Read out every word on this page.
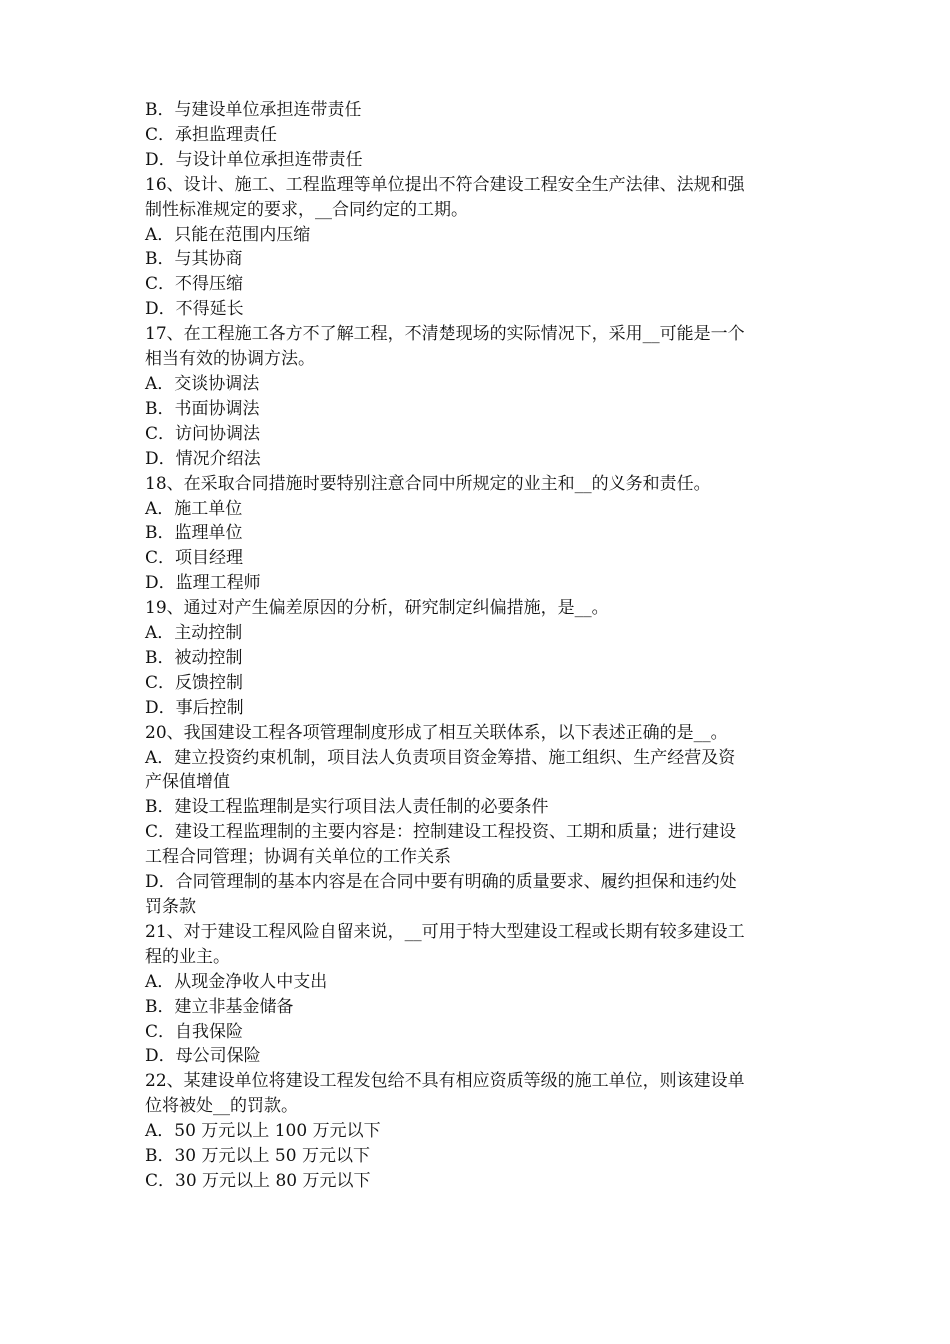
B．与建设单位承担连带责任

C．承担监理责任

D．与设计单位承担连带责任

16、设计、施工、工程监理等单位提出不符合建设工程安全生产法律、法规和强

制性标准规定的要求，__合同约定的工期。

A．只能在范围内压缩

B．与其协商

C．不得压缩

D．不得延长

17、在工程施工各方不了解工程，不清楚现场的实际情况下，采用__可能是一个

相当有效的协调方法。

A．交谈协调法

B．书面协调法

C．访问协调法

D．情况介绍法

18、在采取合同措施时要特别注意合同中所规定的业主和__的义务和责任。

A．施工单位

B．监理单位

C．项目经理

D．监理工程师

19、通过对产生偏差原因的分析，研究制定纠偏措施，是__。

A．主动控制

B．被动控制

C．反馈控制

D．事后控制

20、我国建设工程各项管理制度形成了相互关联体系，以下表述正确的是__。

A．建立投资约束机制，项目法人负责项目资金筹措、施工组织、生产经营及资

产保值增值

B．建设工程监理制是实行项目法人责任制的必要条件

C．建设工程监理制的主要内容是：控制建设工程投资、工期和质量；进行建设

工程合同管理；协调有关单位的工作关系

D．合同管理制的基本内容是在合同中要有明确的质量要求、履约担保和违约处

罚条款

21、对于建设工程风险自留来说，__可用于特大型建设工程或长期有较多建设工

程的业主。

A．从现金净收人中支出

B．建立非基金储备

C．自我保险

D．母公司保险

22、某建设单位将建设工程发包给不具有相应资质等级的施工单位，则该建设单

位将被处__的罚款。

A．50 万元以上 100 万元以下

B．30 万元以上 50 万元以下

C．30 万元以上 80 万元以下
